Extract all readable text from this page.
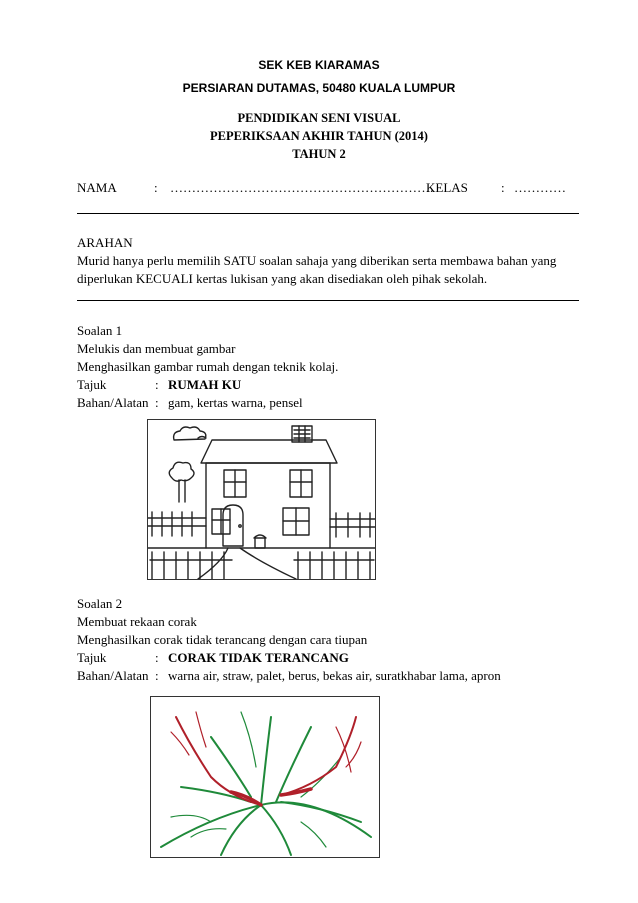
SEK KEB KIARAMAS
PERSIARAN DUTAMAS, 50480 KUALA LUMPUR
PENDIDIKAN SENI VISUAL
PEPERIKSAAN AKHIR TAHUN (2014)
TAHUN 2
NAMA	: …………………………………………………….
KELAS	: …………
ARAHAN
Murid hanya perlu memilih SATU soalan sahaja yang diberikan serta membawa bahan yang
diperlukan KECUALI kertas lukisan yang akan disediakan oleh pihak sekolah.
Soalan 1
Melukis dan membuat gambar
Menghasilkan gambar rumah dengan teknik kolaj.
Tajuk	: RUMAH KU
Bahan/Alatan : gam, kertas warna, pensel
Soalan 2
Membuat rekaan corak
Menghasilkan corak tidak terancang dengan cara tiupan
Tajuk	: CORAK TIDAK TERANCANG
Bahan/Alatan : warna air, straw, palet, berus, bekas air, suratkhabar lama, apron
